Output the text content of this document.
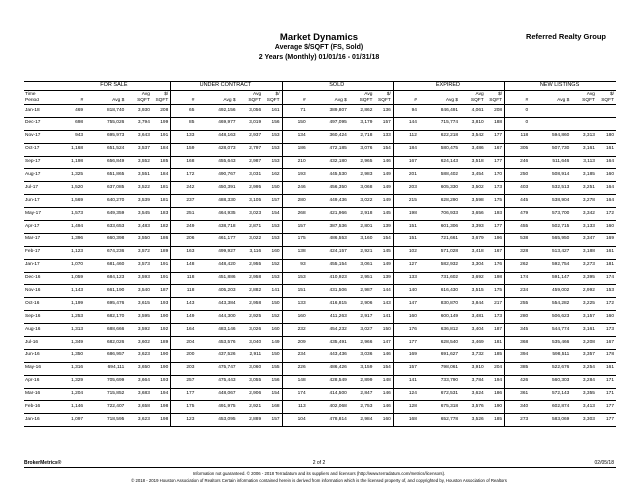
Market Dynamics
Average $/SQFT (FS, Sold)
2 Years (Monthly) 01/01/16 - 01/31/18
Referred Realty Group
	FOR SALE				UNDER CONTRACT				SOLD				EXPIRED				NEW LISTINGS			
Time			Avg	$/			Avg	$/			Avg	$/			Avg	$/			Avg	$/
Period	#	Avg $	SQFT	SQFT	#	Avg $	SQFT	SQFT	#	Avg $	SQFT	SQFT	#	Avg $	SQFT	SQFT	#	Avg $	SQFT	SQFT
Jan-18	469	818,740	3,930	208	65	492,156	3,056	161	71	389,807	2,862	136	94	846,491	4,061	208	0			
Dec-17	698	755,026	3,794	199	85	469,977	3,019	156	150	497,095	3,179	157	144	715,774	3,810	188	0			
Nov-17	943	695,973	3,643	191	133	448,163	2,937	153	134	360,424	2,718	133	112	622,218	3,542	177	118	594,860	3,313	180
Oct-17	1,168	651,524	3,537	184	159	428,073	2,797	153	186	472,185	3,076	154	184	580,475	3,486	167	305	507,730	3,161	161
Sep-17	1,198	656,849	3,552	185	168	455,643	2,987	153	210	432,180	2,965	146	167	624,143	3,518	177	246	511,646	3,113	164
Aug-17	1,325	651,865	3,551	184	172	490,767	3,031	162	193	445,530	2,983	149	201	588,402	3,454	170	250	508,914	3,185	160
Jul-17	1,520	637,085	3,522	181	242	450,391	2,995	150	246	456,350	3,068	149	203	605,330	3,502	173	403	532,513	3,251	164
Jun-17	1,569	640,270	3,539	181	237	488,330	3,105	157	280	449,436	3,022	149	215	628,290	3,598	175	445	538,904	3,278	164
May-17	1,573	649,359	3,545	183	251	464,935	3,023	154	268	421,966	2,918	145	198	706,933	3,656	193	479	573,700	3,342	172
Apr-17	1,494	633,653	3,483	182	249	438,718	2,871	153	157	387,536	2,801	139	151	601,306	3,393	177	455	502,715	3,133	160
Mar-17	1,396	660,398	3,550	186	206	461,177	3,022	153	175	486,553	3,160	154	151	721,661	3,679	196	538	565,950	3,347	169
Feb-17	1,123	674,236	3,572	189	163	499,927	3,116	160	138	424,157	2,921	145	102	571,028	3,418	167	328	513,427	3,188	161
Jan-17	1,070	681,460	3,573	191	148	448,420	2,955	152	93	455,154	3,061	149	127	582,932	3,304	176	262	592,754	3,273	181
Dec-16	1,059	684,123	3,593	191	118	451,886	2,958	153	153	410,923	2,951	139	133	731,602	3,692	198	174	591,147	3,395	174
Nov-16	1,143	661,190	3,540	187	118	405,203	2,882	141	151	431,506	2,987	144	140	616,430	3,515	175	234	459,002	2,992	153
Oct-16	1,199	695,476	3,615	193	143	443,384	2,958	150	133	416,815	2,906	143	147	830,870	3,844	217	255	554,282	3,225	172
Sep-16	1,253	682,170	3,595	190	149	444,300	2,925	152	160	411,263	2,917	141	160	600,149	3,481	173	280	506,623	3,157	160
Aug-16	1,313	688,666	3,592	192	164	483,146	3,026	160	232	454,232	3,027	150	176	636,812	3,404	187	345	544,774	3,161	173
Jul-16	1,349	682,026	3,602	189	204	453,576	3,040	149	209	435,491	2,966	147	177	628,540	3,469	181	368	535,466	3,208	167
Jun-16	1,350	686,957	3,623	190	200	437,526	2,911	150	234	443,436	3,036	146	169	691,627	3,732	185	394	598,511	3,357	178
May-16	1,316	694,111	3,650	190	203	475,747	3,060	155	226	486,426	3,159	154	157	798,061	3,910	204	385	522,676	3,254	161
Apr-16	1,329	705,699	3,664	193	257	475,443	3,055	156	148	428,549	2,899	148	141	733,790	3,784	194	426	560,303	3,284	171
Mar-16	1,204	715,852	3,683	194	177	448,067	2,906	154	174	414,500	2,847	146	124	672,531	3,624	186	361	572,143	3,355	171
Feb-16	1,146	722,407	3,658	198	175	491,975	2,921	168	113	402,068	2,753	146	128	675,318	3,576	190	340	602,874	3,413	177
Jan-16	1,097	718,595	3,623	198	123	453,095	2,889	157	104	478,814	2,984	160	168	652,778	3,526	185	273	583,069	3,303	177
BrokerMetrics®	2 of 2	02/05/18
Information not guaranteed. © 2006 - 2018 Terradatum and its suppliers and licensors (http://www.terradatum.com/metrics/licensors).
© 2018 - 2019 Houston Association of Realtors Certain information contained herein is derived from information which is the licensed property of, and copyrighted by, Houston Association of Realtors
